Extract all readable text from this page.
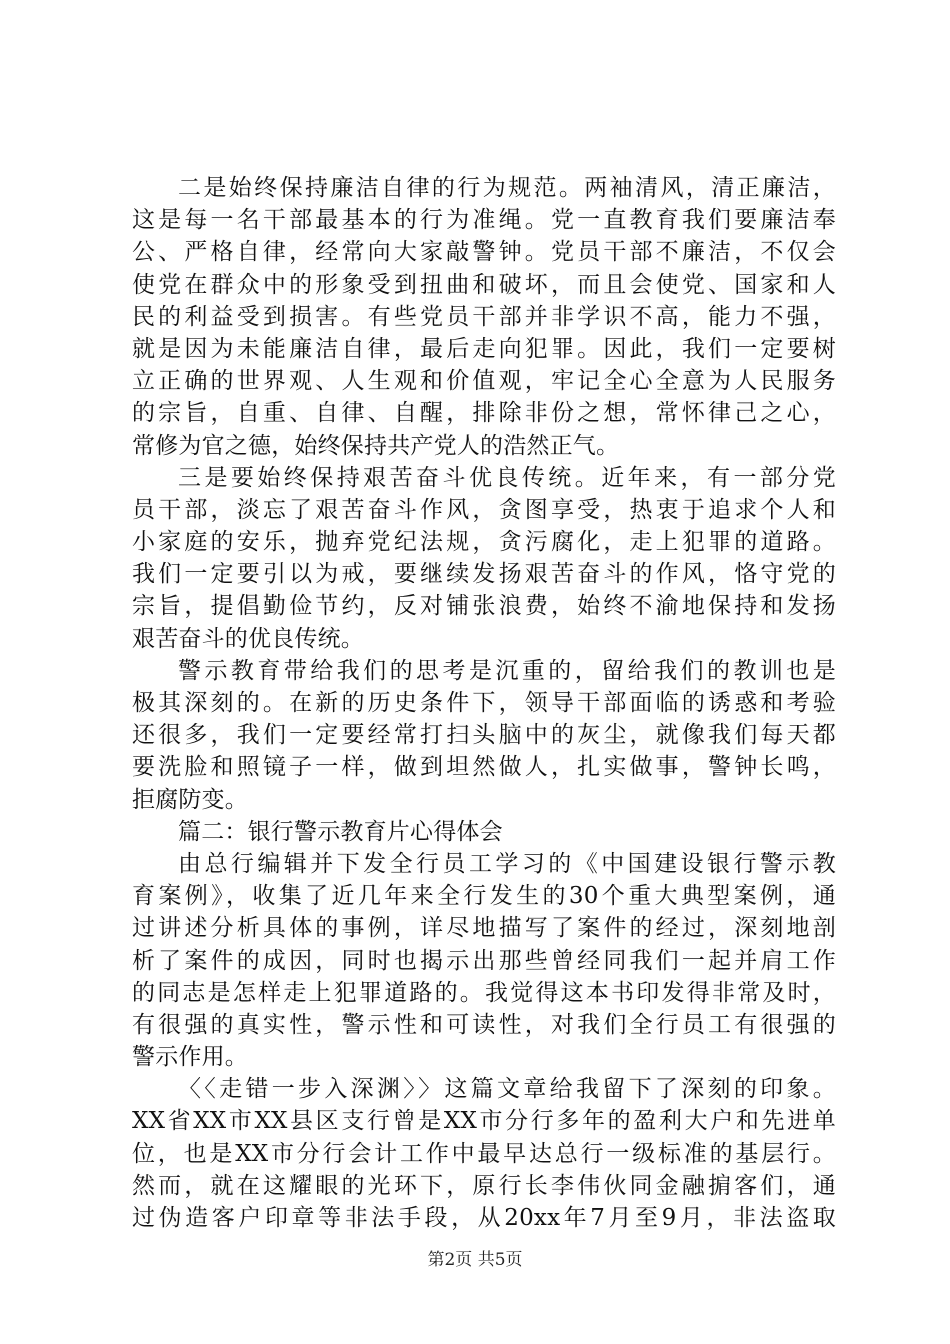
二是始终保持廉洁自律的行为规范。两袖清风，清正廉洁，
这是每一名干部最基本的行为准绳。党一直教育我们要廉洁奉
公、严格自律，经常向大家敲警钟。党员干部不廉洁，不仅会
使党在群众中的形象受到扭曲和破坏，而且会使党、国家和人
民的利益受到损害。有些党员干部并非学识不高，能力不强，
就是因为未能廉洁自律，最后走向犯罪。因此，我们一定要树
立正确的世界观、人生观和价值观，牢记全心全意为人民服务
的宗旨，自重、自律、自醒，排除非份之想，常怀律己之心，
常修为官之德，始终保持共产党人的浩然正气。
三是要始终保持艰苦奋斗优良传统。近年来，有一部分党
员干部，淡忘了艰苦奋斗作风，贪图享受，热衷于追求个人和
小家庭的安乐，抛弃党纪法规，贪污腐化，走上犯罪的道路。
我们一定要引以为戒，要继续发扬艰苦奋斗的作风，恪守党的
宗旨，提倡勤俭节约，反对铺张浪费，始终不渝地保持和发扬
艰苦奋斗的优良传统。
警示教育带给我们的思考是沉重的，留给我们的教训也是
极其深刻的。在新的历史条件下，领导干部面临的诱惑和考验
还很多，我们一定要经常打扫头脑中的灰尘，就像我们每天都
要洗脸和照镜子一样，做到坦然做人，扎实做事，警钟长鸣，
拒腐防变。
篇二：银行警示教育片心得体会
由总行编辑并下发全行员工学习的《中国建设银行警示教
育案例》，收集了近几年来全行发生的30个重大典型案例，通
过讲述分析具体的事例，详尽地描写了案件的经过，深刻地剖
析了案件的成因，同时也揭示出那些曾经同我们一起并肩工作
的同志是怎样走上犯罪道路的。我觉得这本书印发得非常及时，
有很强的真实性，警示性和可读性，对我们全行员工有很强的
警示作用。
〈〈走错一步入深渊〉〉这篇文章给我留下了深刻的印象。
XX省XX市XX县区支行曾是XX市分行多年的盈利大户和先进单
位，也是XX市分行会计工作中最早达总行一级标准的基层行。
然而，就在这耀眼的光环下，原行长李伟伙同金融掮客们，通
过伪造客户印章等非法手段，从20xx年7月至9月，非法盗取
第2页 共5页
